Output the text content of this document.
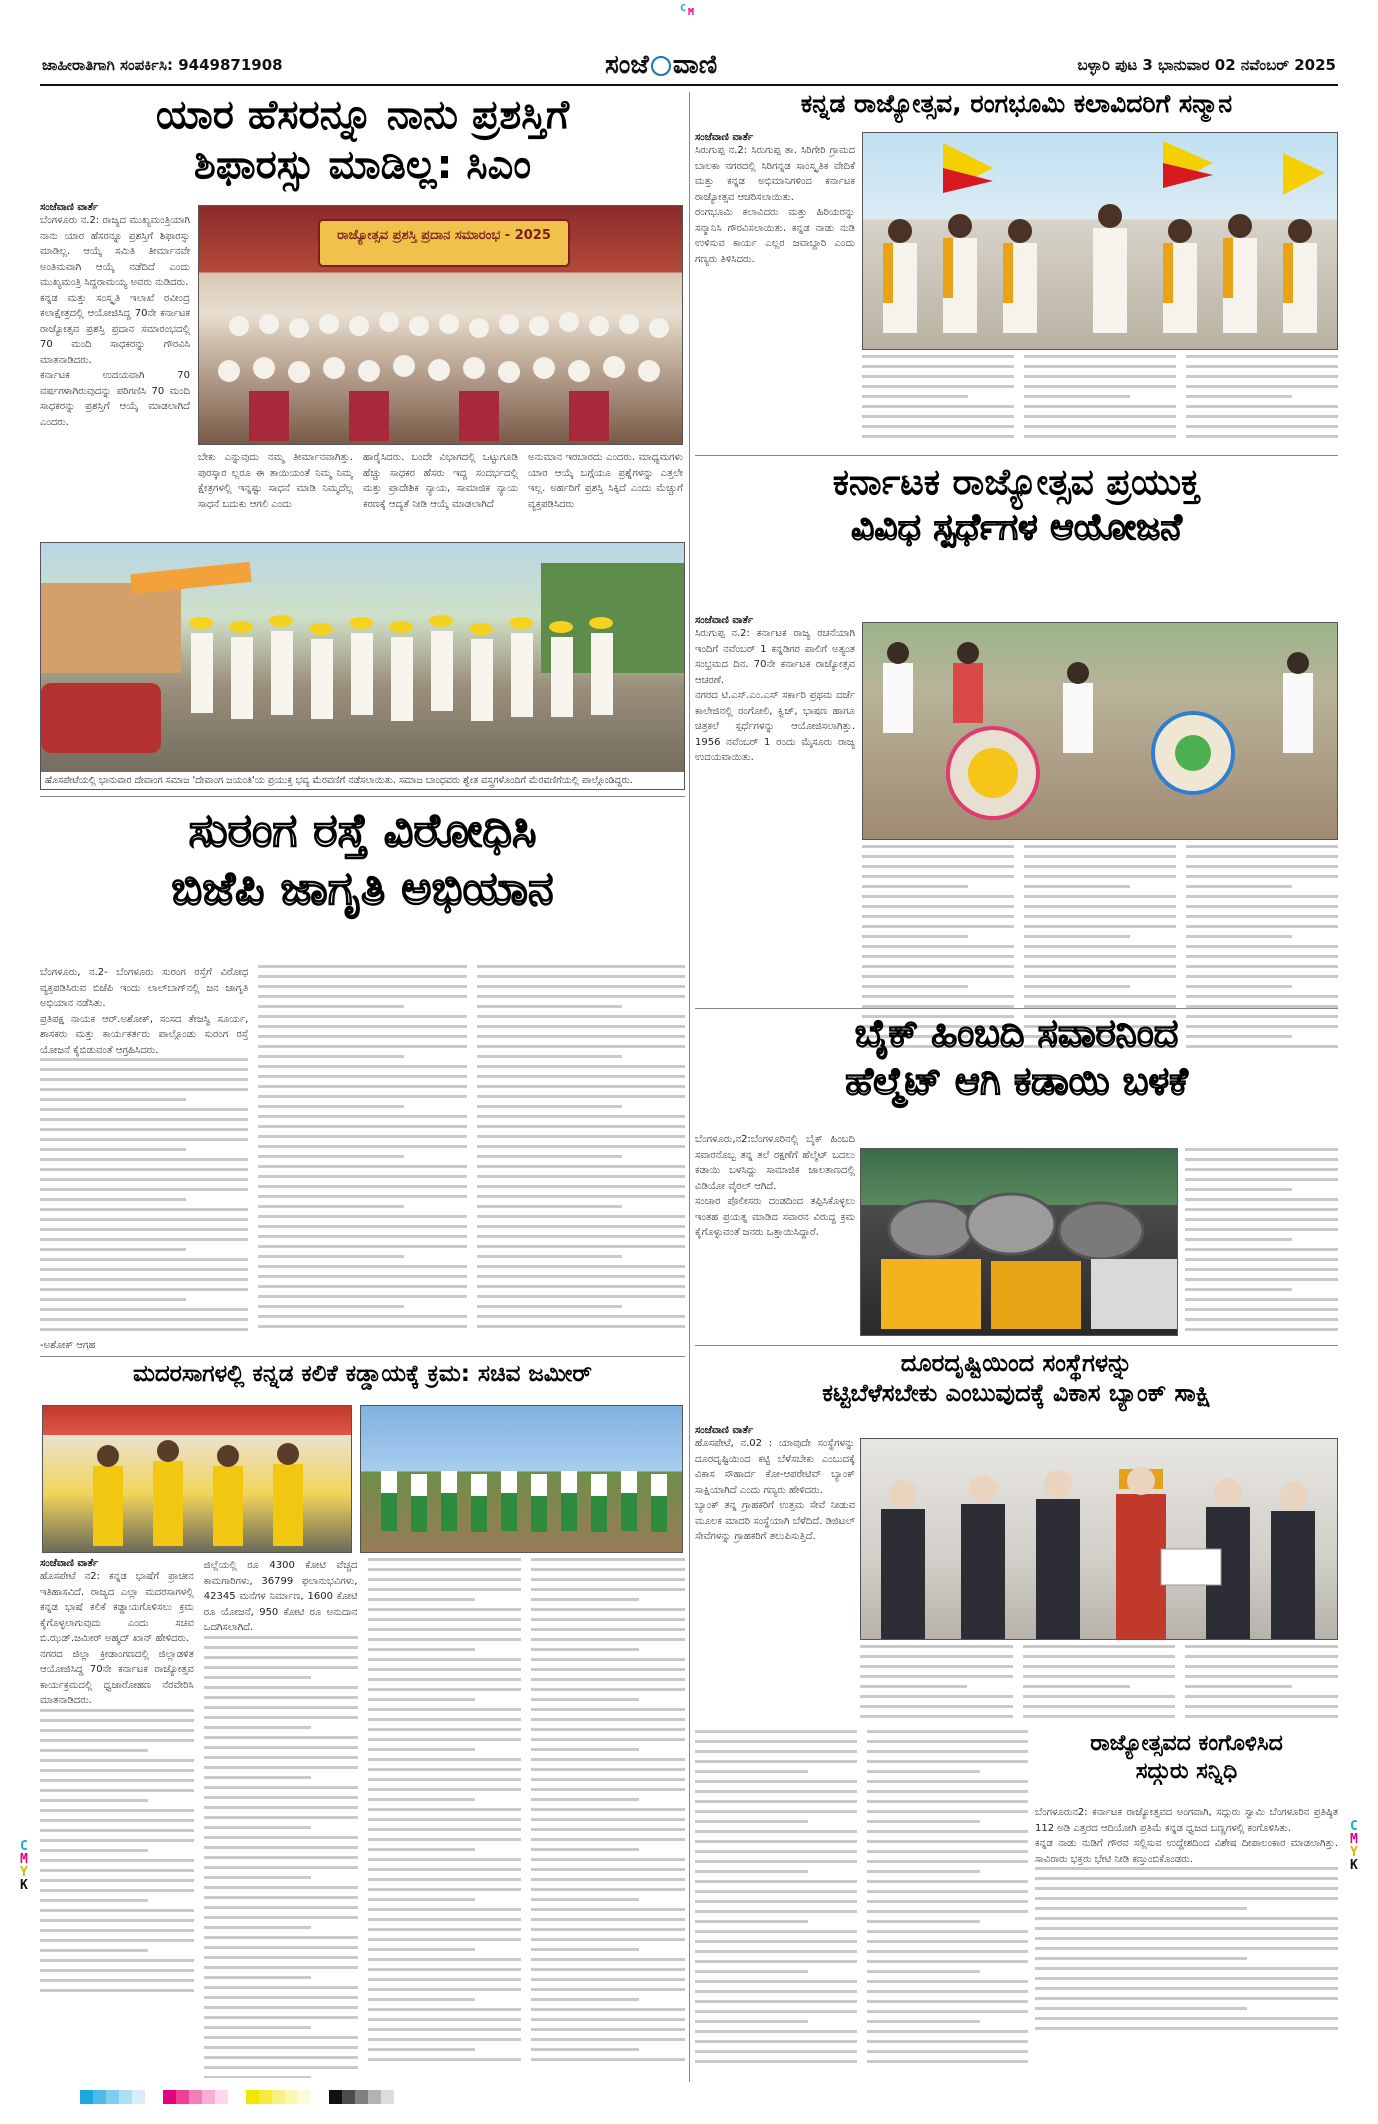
C M
C
M
Y
K
C
M
Y
K
ಜಾಹೀರಾತಿಗಾಗಿ ಸಂಪರ್ಕಿಸಿ: 9449871908	ಸಂಜೆ ವಾಣಿ	ಬಳ್ಳಾರಿ ಪುಟ 3 ಭಾನುವಾರ 02 ನವೆಂಬರ್ 2025
ಯಾರ ಹೆಸರನ್ನೂ ನಾನು ಪ್ರಶಸ್ತಿಗೆ
ಶಿಫಾರಸ್ಸು ಮಾಡಿಲ್ಲ: ಸಿಎಂ
ಸಂಜೆವಾಣಿ ವಾರ್ತೆ

ಬೆಂಗಳೂರು ನ.2: ರಾಜ್ಯದ ಮುಖ್ಯಮಂತ್ರಿಯಾಗಿ ನಾನು ಯಾರ ಹೆಸರನ್ನೂ ಪ್ರಶಸ್ತಿಗೆ ಶಿಫಾರಸ್ಸು ಮಾಡಿಲ್ಲ. ಆಯ್ಕೆ ಸಮಿತಿ ತೀರ್ಮಾನವೇ ಅಂತಿಮವಾಗಿ ಆಯ್ಕೆ ನಡೆದಿದೆ ಎಂದು ಮುಖ್ಯಮಂತ್ರಿ ಸಿದ್ದರಾಮಯ್ಯ ಅವರು ನುಡಿದರು.

ಕನ್ನಡ ಮತ್ತು ಸಂಸ್ಕೃತಿ ಇಲಾಖೆ ರವೀಂದ್ರ ಕಲಾಕ್ಷೇತ್ರದಲ್ಲಿ ಆಯೋಜಿಸಿದ್ದ 70ನೇ ಕರ್ನಾಟಕ ರಾಜ್ಯೋತ್ಸವ ಪ್ರಶಸ್ತಿ ಪ್ರದಾನ ಸಮಾರಂಭದಲ್ಲಿ 70 ಮಂದಿ ಸಾಧಕರನ್ನು ಗೌರವಿಸಿ ಮಾತನಾಡಿದರು.

ಕರ್ನಾಟಕ ಉದಯವಾಗಿ 70 ವರ್ಷಗಳಾಗಿರುವುದನ್ನು ಪರಿಗಣಿಸಿ 70 ಮಂದಿ ಸಾಧಕರನ್ನು ಪ್ರಶಸ್ತಿಗೆ ಆಯ್ಕೆ ಮಾಡಲಾಗಿದೆ ಎಂದರು.

ರಾಜ್ಯೋತ್ಸವ ಪ್ರಶಸ್ತಿ ಪ್ರದಾನ ಸಮಾರಂಭ - 2025
ಬೇಕು ಎನ್ನುವುದು ನಮ್ಮ ತೀರ್ಮಾನವಾಗಿತ್ತು. ಪುರಸ್ಕಾರ ಲ್ಲರೂ ಈ ತಾಯಿಯಂತೆ ನಿಮ್ಮ ನಿಮ್ಮ ಕ್ಷೇತ್ರಗಳಲ್ಲಿ ಇನ್ನಷ್ಟು ಸಾಧನೆ ಮಾಡಿ ನಿಮ್ಮದೆಲ್ಲ ಸಾಧನೆ ಬದುಕು ಆಗಲಿ ಎಂದು
ಹಾರೈಸಿದರು. ಬಂದೇ ವಿಭಾಗದಲ್ಲಿ ಒಟ್ಟುಗೂಡಿ ಹೆಚ್ಚು ಸಾಧಕರ ಹೆಸರು ಇದ್ದ ಸಂದರ್ಭದಲ್ಲಿ ಮತ್ತು ಪ್ರಾದೇಶಿಕ ನ್ಯಾಯ, ಸಾಮಾಜಿಕ ನ್ಯಾಯ ಕರಣಕ್ಕೆ ಆದ್ಯತೆ ನೀಡಿ ಆಯ್ಕೆ ಮಾಡಲಾಗಿದೆ
ಅನುಮಾನ ಇರಬಾರದು ಎಂದರು. ಮಾಧ್ಯಮಗಳು ಯಾರ ಆಯ್ಕೆ ಬಗ್ಗೆಯೂ ಪ್ರಶ್ನೆಗಳನ್ನು ಎತ್ತಲೇ ಇಲ್ಲ. ಅರ್ಹರಿಗೆ ಪ್ರಶಸ್ತಿ ಸಿಕ್ಕಿದೆ ಎಂದು ಮೆಚ್ಚುಗೆ ವ್ಯಕ್ತಪಡಿಸಿದರು
ಹೊಸಪೇಟೆಯಲ್ಲಿ ಭಾನುವಾರ ದೇವಾಂಗ ಸಮಾಜ 'ದೇವಾಂಗ ಜಯಂತಿ'ಯ ಪ್ರಯುಕ್ತ ಭವ್ಯ ಮೆರವಣಿಗೆ ನಡೆಸಲಾಯಿತು. ಸಮಾಜ ಬಾಂಧವರು ಶ್ವೇತ ವಸ್ತ್ರಗಳೊಂದಿಗೆ ಮೆರವಣಿಗೆಯಲ್ಲಿ ಪಾಲ್ಗೊಂಡಿದ್ದರು.
ಸುರಂಗ ರಸ್ತೆ ವಿರೋಧಿಸಿ
ಬಿಜೆಪಿ ಜಾಗೃತಿ ಅಭಿಯಾನ

ಬೆಂಗಳೂರು, ನ.2- ಬೆಂಗಳೂರು ಸುರಂಗ ರಸ್ತೆಗೆ ವಿರೋಧ ವ್ಯಕ್ತಪಡಿಸಿರುವ ಬಿಜೆಪಿ ಇಂದು ಲಾಲ್‌ಬಾಗ್‌ನಲ್ಲಿ ಜನ ಜಾಗೃತಿ ಅಭಿಯಾನ ನಡೆಸಿತು.

ಪ್ರತಿಪಕ್ಷ ನಾಯಕ ಆರ್.ಅಶೋಕ್, ಸಂಸದ ತೇಜಸ್ವಿ ಸೂರ್ಯ, ಶಾಸಕರು ಮತ್ತು ಕಾರ್ಯಕರ್ತರು ಪಾಲ್ಗೊಂಡು ಸುರಂಗ ರಸ್ತೆ ಯೋಜನೆ ಕೈಬಿಡುವಂತೆ ಆಗ್ರಹಿಸಿದರು.

-ಅಶೋಕ್ ಆಗ್ರಹ

ಮದರಸಾಗಳಲ್ಲಿ ಕನ್ನಡ ಕಲಿಕೆ ಕಡ್ಡಾಯಕ್ಕೆ ಕ್ರಮ: ಸಚಿವ ಜಮೀರ್
ಸಂಜೆವಾಣಿ ವಾರ್ತೆ

ಹೊಸಪೇಟೆ ನ2: ಕನ್ನಡ ಭಾಷೆಗೆ ಪ್ರಾಚೀನ ಇತಿಹಾಸವಿದೆ. ರಾಜ್ಯದ ಎಲ್ಲಾ ಮದರಸಾಗಳಲ್ಲಿ ಕನ್ನಡ ಭಾಷೆ ಕಲಿಕೆ ಕಡ್ಡಾಯಗೊಳಿಸಲು ಕ್ರಮ ಕೈಗೊಳ್ಳಲಾಗುವುದು ಎಂದು ಸಚಿವ ಬಿ.ಝಡ್.ಜಮೀರ್ ಅಹ್ಮದ್ ಖಾನ್ ಹೇಳಿದರು.

ನಗರದ ಜಿಲ್ಲಾ ಕ್ರೀಡಾಂಗಣದಲ್ಲಿ ಜಿಲ್ಲಾಡಳಿತ ಆಯೋಜಿಸಿದ್ದ 70ನೇ ಕರ್ನಾಟಕ ರಾಜ್ಯೋತ್ಸವ ಕಾರ್ಯಕ್ರಮದಲ್ಲಿ ಧ್ವಜಾರೋಹಣ ನೆರವೇರಿಸಿ ಮಾತನಾಡಿದರು.

ಜಿಲ್ಲೆಯಲ್ಲಿ ರೂ 4300 ಕೋಟಿ ವೆಚ್ಚದ ಕಾಮಗಾರಿಗಳು, 36799 ಫಲಾನುಭವಿಗಳು, 42345 ಮನೆಗಳ ನಿರ್ಮಾಣ, 1600 ಕೋಟಿ ರೂ ಯೋಜನೆ, 950 ಕೋಟಿ ರೂ ಅನುದಾನ ಒದಗಿಸಲಾಗಿದೆ.

ಕನ್ನಡ ರಾಜ್ಯೋತ್ಸವ, ರಂಗಭೂಮಿ ಕಲಾವಿದರಿಗೆ ಸನ್ಮಾನ
ಸಂಜೆವಾಣಿ ವಾರ್ತೆ

ಸಿರುಗುಪ್ಪ ನ.2: ಸಿರುಗುಪ್ಪ ತಾ. ಸಿರಿಗೇರಿ ಗ್ರಾಮದ ಬಾಲಕಾ ನಗರದಲ್ಲಿ ಸಿರಿಗನ್ನಡ ಸಾಂಸ್ಕೃತಿಕ ವೇದಿಕೆ ಮತ್ತು ಕನ್ನಡ ಅಭಿಮಾನಿಗಳಿಂದ ಕರ್ನಾಟಕ ರಾಜ್ಯೋತ್ಸವ ಆಚರಿಸಲಾಯಿತು.

ರಂಗಭೂಮಿ ಕಲಾವಿದರು ಮತ್ತು ಹಿರಿಯರನ್ನು ಸನ್ಮಾನಿಸಿ ಗೌರವಿಸಲಾಯಿತು. ಕನ್ನಡ ನಾಡು ನುಡಿ ಉಳಿಸುವ ಕಾರ್ಯ ಎಲ್ಲರ ಜವಾಬ್ದಾರಿ ಎಂದು ಗಣ್ಯರು ತಿಳಿಸಿದರು.

ಕರ್ನಾಟಕ ರಾಜ್ಯೋತ್ಸವ ಪ್ರಯುಕ್ತ
ವಿವಿಧ ಸ್ಪರ್ಧೆಗಳ ಆಯೋಜನೆ
ಸಂಜೆವಾಣಿ ವಾರ್ತೆ

ಸಿರುಗುಪ್ಪ ನ.2: ಕರ್ನಾಟಕ ರಾಜ್ಯ ರಚನೆಯಾಗಿ ಇಂದಿಗೆ ನವೆಂಬರ್ 1 ಕನ್ನಡಿಗರ ಪಾಲಿಗೆ ಅತ್ಯಂತ ಸಂಭ್ರಮದ ದಿನ. 70ನೇ ಕರ್ನಾಟಕ ರಾಜ್ಯೋತ್ಸವ ಆಚರಣೆ.

ನಗರದ ಟಿ.ಎಸ್.ಎಂ.ಎಸ್ ಸರ್ಕಾರಿ ಪ್ರಥಮ ದರ್ಜೆ ಕಾಲೇಜಿನಲ್ಲಿ ರಂಗೋಲಿ, ಕ್ವಿಜ್, ಭಾಷಣ ಹಾಗೂ ಚಿತ್ರಕಲೆ ಸ್ಪರ್ಧೆಗಳನ್ನು ಆಯೋಜಿಸಲಾಗಿತ್ತು. 1956 ನವೆಂಬರ್ 1 ರಂದು ಮೈಸೂರು ರಾಜ್ಯ ಉದಯವಾಯಿತು.

ಬೈಕ್ ಹಿಂಬದಿ ಸವಾರನಿಂದ
ಹೆಲ್ಮೆಟ್ ಆಗಿ ಕಡಾಯಿ ಬಳಕೆ

ಬೆಂಗಳೂರು,ನ2:ಬೆಂಗಳೂರಿನಲ್ಲಿ ಬೈಕ್ ಹಿಂಬದಿ ಸವಾರನೊಬ್ಬ ತನ್ನ ತಲೆ ರಕ್ಷಣೆಗೆ ಹೆಲ್ಮೆಟ್ ಬದಲು ಕಡಾಯಿ ಬಳಸಿದ್ದು ಸಾಮಾಜಿಕ ಜಾಲತಾಣದಲ್ಲಿ ವಿಡಿಯೋ ವೈರಲ್ ಆಗಿದೆ.

ಸಂಚಾರ ಪೊಲೀಸರು ದಂಡದಿಂದ ತಪ್ಪಿಸಿಕೊಳ್ಳಲು ಇಂತಹ ಪ್ರಯತ್ನ ಮಾಡಿದ ಸವಾರನ ವಿರುದ್ಧ ಕ್ರಮ ಕೈಗೊಳ್ಳುವಂತೆ ಜನರು ಒತ್ತಾಯಿಸಿದ್ದಾರೆ.

ದೂರದೃಷ್ಟಿಯಿಂದ ಸಂಸ್ಥೆಗಳನ್ನು
ಕಟ್ಟಿಬೆಳೆಸಬೇಕು ಎಂಬುವುದಕ್ಕೆ ವಿಕಾಸ ಬ್ಯಾಂಕ್ ಸಾಕ್ಷಿ
ಸಂಜೆವಾಣಿ ವಾರ್ತೆ

ಹೊಸಪೇಟೆ, ನ.02 : ಯಾವುದೇ ಸಂಸ್ಥೆಗಳನ್ನು ದೂರದೃಷ್ಟಿಯಿಂದ ಕಟ್ಟಿ ಬೆಳೆಸಬೇಕು ಎಂಬುದಕ್ಕೆ ವಿಕಾಸ ಸೌಹಾರ್ದ ಕೋ-ಆಪರೇಟಿವ್ ಬ್ಯಾಂಕ್ ಸಾಕ್ಷಿಯಾಗಿದೆ ಎಂದು ಗಣ್ಯರು ಹೇಳಿದರು.

ಬ್ಯಾಂಕ್ ತನ್ನ ಗ್ರಾಹಕರಿಗೆ ಉತ್ತಮ ಸೇವೆ ನೀಡುವ ಮೂಲಕ ಮಾದರಿ ಸಂಸ್ಥೆಯಾಗಿ ಬೆಳೆದಿದೆ. ಡಿಜಿಟಲ್ ಸೇವೆಗಳನ್ನು ಗ್ರಾಹಕರಿಗೆ ತಲುಪಿಸುತ್ತಿದೆ.

ರಾಜ್ಯೋತ್ಸವದ ಕಂಗೊಳಿಸಿದ
ಸದ್ಗುರು ಸನ್ನಿಧಿ

ಬೆಂಗಳೂರುನ2: ಕರ್ನಾಟಕ ರಾಜ್ಯೋತ್ಸವದ ಅಂಗವಾಗಿ, ಸದ್ಗುರು ಸ್ವಾಮಿ ಬೆಂಗಳೂರಿನ ಪ್ರತಿಷ್ಠಿತ 112 ಅಡಿ ಎತ್ತರದ ಆದಿಯೋಗಿ ಪ್ರತಿಮೆ ಕನ್ನಡ ಧ್ವಜದ ಬಣ್ಣಗಳಲ್ಲಿ ಕಂಗೊಳಿಸಿತು.

ಕನ್ನಡ ನಾಡು ನುಡಿಗೆ ಗೌರವ ಸಲ್ಲಿಸುವ ಉದ್ದೇಶದಿಂದ ವಿಶೇಷ ದೀಪಾಲಂಕಾರ ಮಾಡಲಾಗಿತ್ತು. ಸಾವಿರಾರು ಭಕ್ತರು ಭೇಟಿ ನೀಡಿ ಕಣ್ತುಂಬಿಕೊಂಡರು.
